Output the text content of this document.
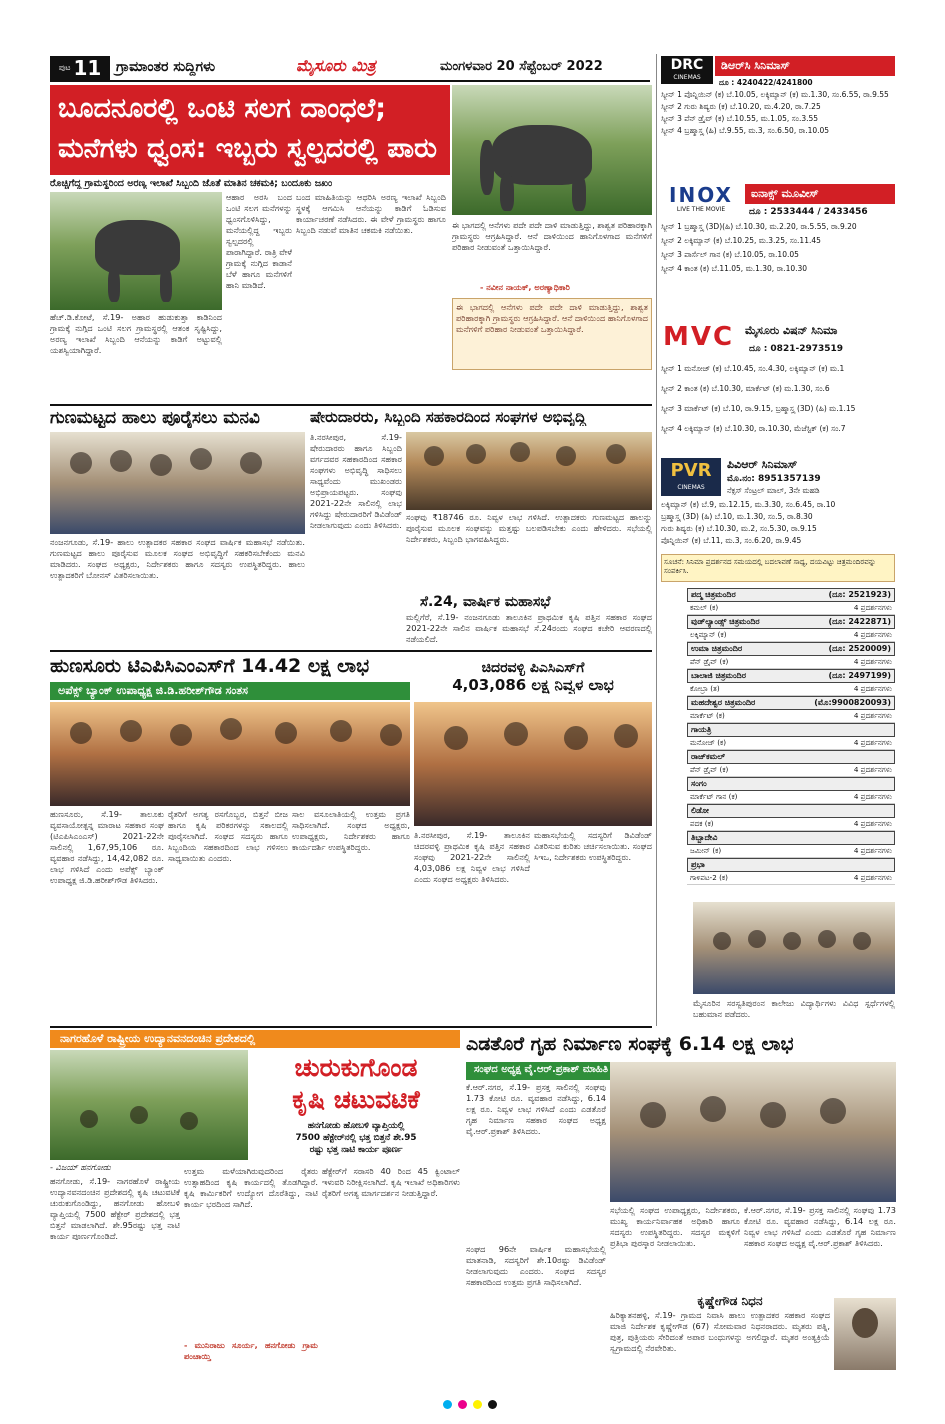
ಪುಟ 11 ಗ್ರಾಮಾಂತರ ಸುದ್ದಿಗಳು	ಮೈಸೂರು ಮಿತ್ರ	ಮಂಗಳವಾರ 20 ಸೆಪ್ಟೆಂಬರ್ 2022
ಬೂದನೂರಲ್ಲಿ ಒಂಟಿ ಸಲಗ ದಾಂಧಲೆ;
ಮನೆಗಳು ಧ್ವಂಸ: ಇಬ್ಬರು ಸ್ವಲ್ಪದರಲ್ಲಿ ಪಾರು
ರೊಚ್ಚಿಗೆದ್ದ ಗ್ರಾಮಸ್ಥರಿಂದ ಅರಣ್ಯ ಇಲಾಖೆ ಸಿಬ್ಬಂದಿ ಜೊತೆ ಮಾತಿನ ಚಕಮಕಿ; ಬಂದೂಕು ಜಖಂ
ಹೆಚ್.ಡಿ.ಕೋಟೆ, ಸೆ.19- ಅಹಾರ ಹುಡುಕುತ್ತಾ ಕಾಡಿನಿಂದ ಗ್ರಾಮಕ್ಕೆ ನುಗ್ಗಿದ ಒಂಟಿ ಸಲಗ ಗ್ರಾಮಸ್ಥರಲ್ಲಿ ಆತಂಕ ಸೃಷ್ಟಿಸಿದ್ದು, ಅರಣ್ಯ ಇಲಾಖೆ ಸಿಬ್ಬಂದಿ ಆನೆಯನ್ನು ಕಾಡಿಗೆ ಅಟ್ಟುವಲ್ಲಿ ಯಶಸ್ವಿಯಾಗಿದ್ದಾರೆ.
ಆಹಾರ ಅರಸಿ ಬಂದ ಒಂಟಿ ಸಲಗ ಮನೆಗಳನ್ನು ಧ್ವಂಸಗೊಳಿಸಿದ್ದು, ಮನೆಯಲ್ಲಿದ್ದ ಇಬ್ಬರು ಸ್ವಲ್ಪದರಲ್ಲಿ ಪಾರಾಗಿದ್ದಾರೆ. ರಾತ್ರಿ ವೇಳೆ ಗ್ರಾಮಕ್ಕೆ ನುಗ್ಗಿದ ಕಾಡಾನೆ ಬೆಳೆ ಹಾಗೂ ಮನೆಗಳಿಗೆ ಹಾನಿ ಮಾಡಿದೆ.
ಬಂದ ಮಾಹಿತಿಯನ್ನು ಆಧರಿಸಿ ಅರಣ್ಯ ಇಲಾಖೆ ಸಿಬ್ಬಂದಿ ಸ್ಥಳಕ್ಕೆ ಆಗಮಿಸಿ ಆನೆಯನ್ನು ಕಾಡಿಗೆ ಓಡಿಸುವ ಕಾರ್ಯಾಚರಣೆ ನಡೆಸಿದರು. ಈ ವೇಳೆ ಗ್ರಾಮಸ್ಥರು ಹಾಗೂ ಸಿಬ್ಬಂದಿ ನಡುವೆ ಮಾತಿನ ಚಕಮಕಿ ನಡೆಯಿತು.	ಈ ಭಾಗದಲ್ಲಿ ಆನೆಗಳು ಪದೇ ಪದೇ ದಾಳಿ ಮಾಡುತ್ತಿದ್ದು, ಶಾಶ್ವತ ಪರಿಹಾರಕ್ಕಾಗಿ ಗ್ರಾಮಸ್ಥರು ಆಗ್ರಹಿಸಿದ್ದಾರೆ. ಆನೆ ದಾಳಿಯಿಂದ ಹಾನಿಗೊಳಗಾದ ಮನೆಗಳಿಗೆ ಪರಿಹಾರ ನೀಡುವಂತೆ ಒತ್ತಾಯಿಸಿದ್ದಾರೆ.
- ನವೀನ ನಾಯಕ್, ಅರಣ್ಯಾಧಿಕಾರಿ
ಈ ಭಾಗದಲ್ಲಿ ಆನೆಗಳು ಪದೇ ಪದೇ ದಾಳಿ ಮಾಡುತ್ತಿದ್ದು, ಶಾಶ್ವತ ಪರಿಹಾರಕ್ಕಾಗಿ ಗ್ರಾಮಸ್ಥರು ಆಗ್ರಹಿಸಿದ್ದಾರೆ. ಆನೆ ದಾಳಿಯಿಂದ ಹಾನಿಗೊಳಗಾದ ಮನೆಗಳಿಗೆ ಪರಿಹಾರ ನೀಡುವಂತೆ ಒತ್ತಾಯಿಸಿದ್ದಾರೆ.
ಗುಣಮಟ್ಟದ ಹಾಲು ಪೂರೈಸಲು ಮನವಿ
ನಂಜನಗೂಡು, ಸೆ.19- ಹಾಲು ಉತ್ಪಾದಕರ ಸಹಕಾರ ಸಂಘದ ವಾರ್ಷಿಕ ಮಹಾಸಭೆ ನಡೆಯಿತು. ಗುಣಮಟ್ಟದ ಹಾಲು ಪೂರೈಸುವ ಮೂಲಕ ಸಂಘದ ಅಭಿವೃದ್ಧಿಗೆ ಸಹಕರಿಸಬೇಕೆಂದು ಮನವಿ ಮಾಡಿದರು. ಸಂಘದ ಅಧ್ಯಕ್ಷರು, ನಿರ್ದೇಶಕರು ಹಾಗೂ ಸದಸ್ಯರು ಉಪಸ್ಥಿತರಿದ್ದರು. ಹಾಲು ಉತ್ಪಾದಕರಿಗೆ ಬೋನಸ್ ವಿತರಿಸಲಾಯಿತು.
ಷೇರುದಾರರು, ಸಿಬ್ಬಂದಿ ಸಹಕಾರದಿಂದ ಸಂಘಗಳ ಅಭಿವೃದ್ಧಿ
ತಿ.ನರಸೀಪುರ, ಸೆ.19- ಷೇರುದಾರರು ಹಾಗೂ ಸಿಬ್ಬಂದಿ ವರ್ಗದವರ ಸಹಕಾರದಿಂದ ಸಹಕಾರ ಸಂಘಗಳು ಅಭಿವೃದ್ಧಿ ಸಾಧಿಸಲು ಸಾಧ್ಯವೆಂದು ಮುಖಂಡರು ಅಭಿಪ್ರಾಯಪಟ್ಟರು. ಸಂಘವು 2021-22ನೇ ಸಾಲಿನಲ್ಲಿ ಲಾಭ ಗಳಿಸಿದ್ದು ಷೇರುದಾರರಿಗೆ ಡಿವಿಡೆಂಡ್ ನೀಡಲಾಗುವುದು ಎಂದು ತಿಳಿಸಿದರು.
ಸಂಘವು ₹18746 ರೂ. ನಿವ್ವಳ ಲಾಭ ಗಳಿಸಿದೆ. ಉತ್ಪಾದಕರು ಗುಣಮಟ್ಟದ ಹಾಲನ್ನು ಪೂರೈಸುವ ಮೂಲಕ ಸಂಘವನ್ನು ಮತ್ತಷ್ಟು ಬಲಪಡಿಸಬೇಕು ಎಂದು ಹೇಳಿದರು. ಸಭೆಯಲ್ಲಿ ನಿರ್ದೇಶಕರು, ಸಿಬ್ಬಂದಿ ಭಾಗವಹಿಸಿದ್ದರು.
ಸೆ.24, ವಾರ್ಷಿಕ ಮಹಾಸಭೆ
ಮಲ್ಲಿಗೆರೆ, ಸೆ.19- ನಂಜನಗೂಡು ತಾಲೂಕಿನ ಪ್ರಾಥಮಿಕ ಕೃಷಿ ಪತ್ತಿನ ಸಹಕಾರ ಸಂಘದ 2021-22ನೇ ಸಾಲಿನ ವಾರ್ಷಿಕ ಮಹಾಸಭೆ ಸೆ.24ರಂದು ಸಂಘದ ಕಚೇರಿ ಆವರಣದಲ್ಲಿ ನಡೆಯಲಿದೆ.
ಹುಣಸೂರು ಟಿಎಪಿಸಿಎಂಎಸ್‌ಗೆ 14.42 ಲಕ್ಷ ಲಾಭ
ಅಪೆಕ್ಸ್ ಬ್ಯಾಂಕ್ ಉಪಾಧ್ಯಕ್ಷ ಜಿ.ಡಿ.ಹರೀಶ್‌ಗೌಡ ಸಂತಸ
ಹುಣಸೂರು, ಸೆ.19- ತಾಲೂಕು ವ್ಯವಸಾಯೋತ್ಪನ್ನ ಮಾರಾಟ ಸಹಕಾರ ಸಂಘ (ಟಿಎಪಿಸಿಎಂಎಸ್) 2021-22ನೇ ಸಾಲಿನಲ್ಲಿ 1,67,95,106 ರೂ. ವ್ಯವಹಾರ ನಡೆಸಿದ್ದು, 14,42,082 ರೂ. ಲಾಭ ಗಳಿಸಿದೆ ಎಂದು ಅಪೆಕ್ಸ್ ಬ್ಯಾಂಕ್ ಉಪಾಧ್ಯಕ್ಷ ಜಿ.ಡಿ.ಹರೀಶ್‌ಗೌಡ ತಿಳಿಸಿದರು.
ರೈತರಿಗೆ ಅಗತ್ಯ ರಸಗೊಬ್ಬರ, ಬಿತ್ತನೆ ಬೀಜ ಹಾಗೂ ಕೃಷಿ ಪರಿಕರಗಳನ್ನು ಸಕಾಲದಲ್ಲಿ ಪೂರೈಸಲಾಗಿದೆ. ಸಂಘದ ಸದಸ್ಯರು ಹಾಗೂ ಸಿಬ್ಬಂದಿಯ ಸಹಕಾರದಿಂದ ಲಾಭ ಗಳಿಸಲು ಸಾಧ್ಯವಾಯಿತು ಎಂದರು.
ಸಾಲ ವಸೂಲಾತಿಯಲ್ಲಿ ಉತ್ತಮ ಪ್ರಗತಿ ಸಾಧಿಸಲಾಗಿದೆ. ಸಂಘದ ಅಧ್ಯಕ್ಷರು, ಉಪಾಧ್ಯಕ್ಷರು, ನಿರ್ದೇಶಕರು ಹಾಗೂ ಕಾರ್ಯದರ್ಶಿ ಉಪಸ್ಥಿತರಿದ್ದರು.
ಚಿದರವಳ್ಳಿ ಪಿಎಸಿಎಸ್‌ಗೆ
4,03,086 ಲಕ್ಷ ನಿವ್ವಳ ಲಾಭ
ತಿ.ನರಸೀಪುರ, ಸೆ.19- ತಾಲೂಕಿನ ಚಿದರವಳ್ಳಿ ಪ್ರಾಥಮಿಕ ಕೃಷಿ ಪತ್ತಿನ ಸಹಕಾರ ಸಂಘವು 2021-22ನೇ ಸಾಲಿನಲ್ಲಿ 4,03,086 ಲಕ್ಷ ನಿವ್ವಳ ಲಾಭ ಗಳಿಸಿದೆ ಎಂದು ಸಂಘದ ಅಧ್ಯಕ್ಷರು ತಿಳಿಸಿದರು.
ಮಹಾಸಭೆಯಲ್ಲಿ ಸದಸ್ಯರಿಗೆ ಡಿವಿಡೆಂಡ್ ವಿತರಿಸುವ ಕುರಿತು ಚರ್ಚಿಸಲಾಯಿತು. ಸಂಘದ ಸಿಇಒ, ನಿರ್ದೇಶಕರು ಉಪಸ್ಥಿತರಿದ್ದರು.
ನಾಗರಹೊಳೆ ರಾಷ್ಟ್ರೀಯ ಉದ್ಯಾನವನದಂಚಿನ ಪ್ರದೇಶದಲ್ಲಿ
ಚುರುಕುಗೊಂಡ
ಕೃಷಿ ಚಟುವಟಿಕೆ
ಹನಗೋಡು ಹೋಬಳಿ ವ್ಯಾಪ್ತಿಯಲ್ಲಿ
7500 ಹೆಕ್ಟೇರ್‌ನಲ್ಲಿ ಭತ್ತ ಬಿತ್ತನೆ ಶೇ.95
ರಷ್ಟು ಭತ್ತ ನಾಟಿ ಕಾರ್ಯ ಪೂರ್ಣ
- ವಿಜಯ್ ಹನಗೋಡು
ಹನಗೋಡು, ಸೆ.19- ನಾಗರಹೊಳೆ ರಾಷ್ಟ್ರೀಯ ಉದ್ಯಾನವನದಂಚಿನ ಪ್ರದೇಶದಲ್ಲಿ ಕೃಷಿ ಚಟುವಟಿಕೆ ಚುರುಕುಗೊಂಡಿದ್ದು, ಹನಗೋಡು ಹೋಬಳಿ ವ್ಯಾಪ್ತಿಯಲ್ಲಿ 7500 ಹೆಕ್ಟೇರ್ ಪ್ರದೇಶದಲ್ಲಿ ಭತ್ತ ಬಿತ್ತನೆ ಮಾಡಲಾಗಿದೆ. ಶೇ.95ರಷ್ಟು ಭತ್ತ ನಾಟಿ ಕಾರ್ಯ ಪೂರ್ಣಗೊಂಡಿದೆ.
ಉತ್ತಮ ಮಳೆಯಾಗಿರುವುದರಿಂದ ರೈತರು ಉತ್ಸಾಹದಿಂದ ಕೃಷಿ ಕಾರ್ಯದಲ್ಲಿ ತೊಡಗಿದ್ದಾರೆ. ಕೃಷಿ ಕಾರ್ಮಿಕರಿಗೆ ಉದ್ಯೋಗ ದೊರೆತಿದ್ದು, ನಾಟಿ ಕಾರ್ಯ ಭರದಿಂದ ಸಾಗಿದೆ.
ಹೆಕ್ಟೇರ್‌ಗೆ ಸರಾಸರಿ 40 ರಿಂದ 45 ಕ್ವಿಂಟಾಲ್ ಇಳುವರಿ ನಿರೀಕ್ಷಿಸಲಾಗಿದೆ. ಕೃಷಿ ಇಲಾಖೆ ಅಧಿಕಾರಿಗಳು ರೈತರಿಗೆ ಅಗತ್ಯ ಮಾರ್ಗದರ್ಶನ ನೀಡುತ್ತಿದ್ದಾರೆ.
- ಮುನಿರಾಜು ಸೂರ್ಯ, ಹನಗೋಡು ಗ್ರಾಮ ಪಂಚಾಯ್ತಿ
ಎಡತೊರೆ ಗೃಹ ನಿರ್ಮಾಣ ಸಂಘಕ್ಕೆ 6.14 ಲಕ್ಷ ಲಾಭ
ಸಂಘದ ಅಧ್ಯಕ್ಷ ವೈ.ಆರ್.ಪ್ರಕಾಶ್ ಮಾಹಿತಿ
ಕೆ.ಆರ್.ನಗರ, ಸೆ.19- ಪ್ರಸಕ್ತ ಸಾಲಿನಲ್ಲಿ ಸಂಘವು 1.73 ಕೋಟಿ ರೂ. ವ್ಯವಹಾರ ನಡೆಸಿದ್ದು, 6.14 ಲಕ್ಷ ರೂ. ನಿವ್ವಳ ಲಾಭ ಗಳಿಸಿದೆ ಎಂದು ಎಡತೊರೆ ಗೃಹ ನಿರ್ಮಾಣ ಸಹಕಾರ ಸಂಘದ ಅಧ್ಯಕ್ಷ ವೈ.ಆರ್.ಪ್ರಕಾಶ್ ತಿಳಿಸಿದರು.
ಸಂಘದ 96ನೇ ವಾರ್ಷಿಕ ಮಹಾಸಭೆಯಲ್ಲಿ ಮಾತನಾಡಿ, ಸದಸ್ಯರಿಗೆ ಶೇ.10ರಷ್ಟು ಡಿವಿಡೆಂಡ್ ನೀಡಲಾಗುವುದು ಎಂದರು. ಸಂಘದ ಸದಸ್ಯರ ಸಹಕಾರದಿಂದ ಉತ್ತಮ ಪ್ರಗತಿ ಸಾಧಿಸಲಾಗಿದೆ.
ಸಭೆಯಲ್ಲಿ ಸಂಘದ ಉಪಾಧ್ಯಕ್ಷರು, ನಿರ್ದೇಶಕರು, ಮುಖ್ಯ ಕಾರ್ಯನಿರ್ವಾಹಕ ಅಧಿಕಾರಿ ಹಾಗೂ ಸದಸ್ಯರು ಉಪಸ್ಥಿತರಿದ್ದರು. ಸದಸ್ಯರ ಮಕ್ಕಳಿಗೆ ಪ್ರತಿಭಾ ಪುರಸ್ಕಾರ ನೀಡಲಾಯಿತು.
ಕೆ.ಆರ್.ನಗರ, ಸೆ.19- ಪ್ರಸಕ್ತ ಸಾಲಿನಲ್ಲಿ ಸಂಘವು 1.73 ಕೋಟಿ ರೂ. ವ್ಯವಹಾರ ನಡೆಸಿದ್ದು, 6.14 ಲಕ್ಷ ರೂ. ನಿವ್ವಳ ಲಾಭ ಗಳಿಸಿದೆ ಎಂದು ಎಡತೊರೆ ಗೃಹ ನಿರ್ಮಾಣ ಸಹಕಾರ ಸಂಘದ ಅಧ್ಯಕ್ಷ ವೈ.ಆರ್.ಪ್ರಕಾಶ್ ತಿಳಿಸಿದರು.
ಕೃಷ್ಣೇಗೌಡ ನಿಧನ
ಹಿರಿಕ್ಯಾತನಹಳ್ಳಿ, ಸೆ.19- ಗ್ರಾಮದ ನಿವಾಸಿ ಹಾಲು ಉತ್ಪಾದಕರ ಸಹಕಾರ ಸಂಘದ ಮಾಜಿ ನಿರ್ದೇಶಕ ಕೃಷ್ಣೇಗೌಡ (67) ಸೋಮವಾರ ನಿಧನರಾದರು. ಮೃತರು ಪತ್ನಿ, ಪುತ್ರ, ಪುತ್ರಿಯರು ಸೇರಿದಂತೆ ಅಪಾರ ಬಂಧುಗಳನ್ನು ಅಗಲಿದ್ದಾರೆ. ಮೃತರ ಅಂತ್ಯಕ್ರಿಯೆ ಸ್ವಗ್ರಾಮದಲ್ಲಿ ನೆರವೇರಿತು.
DRC
CINEMAS
ಡಿಆರ್‌ಸಿ ಸಿನಿಮಾಸ್
ದೂ : 4240422/4241800
ಸ್ಕ್ರೀನ್ 1 ಪೊನ್ನಿಯಿನ್ (ಕ) ಬೆ.10.05, ಲಕ್ಕಿಮ್ಯಾನ್ (ಕ) ಮ.1.30, ಸಂ.6.55, ರಾ.9.55
ಸ್ಕ್ರೀನ್ 2 ಗುರು ಶಿಷ್ಯರು (ಕ) ಬೆ.10.20, ಮ.4.20, ರಾ.7.25
ಸ್ಕ್ರೀನ್ 3 ಪೆನ್ ಡ್ರೈವ್ (ಕ) ಬೆ.10.55, ಮ.1.05, ಸಂ.3.55
ಸ್ಕ್ರೀನ್ 4 ಬ್ರಹ್ಮಾಸ್ತ್ರ (ಹಿ) ಬೆ.9.55, ಮ.3, ಸಂ.6.50, ರಾ.10.05
INOX
LIVE THE MOVIE
ಐನಾಕ್ಸ್ ಮೂವೀಸ್
ದೂ : 2533444 / 2433456
ಸ್ಕ್ರೀನ್ 1 ಬ್ರಹ್ಮಾಸ್ತ್ರ (3D)(ಹಿ) ಬೆ.10.30, ಮ.2.20, ರಾ.5.55, ರಾ.9.20
ಸ್ಕ್ರೀನ್ 2 ಲಕ್ಕಿಮ್ಯಾನ್ (ಕ) ಬೆ.10.25, ಮ.3.25, ಸಂ.11.45
ಸ್ಕ್ರೀನ್ 3 ಪಾರ್ಸೆಲ್ ಗಾನ (ಕ) ಬೆ.10.05, ರಾ.10.05
ಸ್ಕ್ರೀನ್ 4 ಕಾಂತ (ಕ) ಬೆ.11.05, ಮ.1.30, ರಾ.10.30
MVC ಮೈಸೂರು ವಿಷನ್ ಸಿನಿಮಾ
ದೂ : 0821-2973519
ಸ್ಕ್ರೀನ್ 1 ಮನೋಜ್ (ಕ) ಬೆ.10.45, ಸಂ.4.30, ಲಕ್ಕಿಮ್ಯಾನ್ (ಕ) ಮ.1
ಸ್ಕ್ರೀನ್ 2 ಕಾಂತ (ಕ) ಬೆ.10.30, ಮಾರ್ಕೆಟ್ (ಕ) ಮ.1.30, ಸಂ.6
ಸ್ಕ್ರೀನ್ 3 ಮಾರ್ಕೆಟ್ (ಕ) ಬೆ.10, ರಾ.9.15, ಬ್ರಹ್ಮಾಸ್ತ್ರ (3D) (ಹಿ) ಮ.1.15
ಸ್ಕ್ರೀನ್ 4 ಲಕ್ಕಿಮ್ಯಾನ್ (ಕ) ಬೆ.10.30, ರಾ.10.30, ಮೆಜೆಸ್ಟಿಕ್ (ಕ) ಸಂ.7
PVR
CINEMAS
ಪಿವಿಆರ್ ಸಿನಿಮಾಸ್
ಮೊ.ನಂ: 8951357139
ನೆಕ್ಸಸ್ ಸೆಂಟ್ರಲ್ ಮಾಲ್, 3ನೇ ಮಹಡಿ
ಲಕ್ಕಿಮ್ಯಾನ್ (ಕ) ಬೆ.9, ಮ.12.15, ಮ.3.30, ಸಂ.6.45, ರಾ.10
ಬ್ರಹ್ಮಾಸ್ತ್ರ (3D) (ಹಿ) ಬೆ.10, ಮ.1.30, ಸಂ.5, ರಾ.8.30
ಗುರು ಶಿಷ್ಯರು (ಕ) ಬೆ.10.30, ಮ.2, ಸಂ.5.30, ರಾ.9.15
ಪೊನ್ನಿಯಿನ್ (ಕ) ಬೆ.11, ಮ.3, ಸಂ.6.20, ರಾ.9.45
ಸೂಚನೆ: ಸಿನಿಮಾ ಪ್ರದರ್ಶನದ ಸಮಯದಲ್ಲಿ ಬದಲಾವಣೆ ಸಾಧ್ಯ, ದಯವಿಟ್ಟು ಚಿತ್ರಮಂದಿರವನ್ನು ಸಂಪರ್ಕಿಸಿ.
ಪದ್ಮ ಚಿತ್ರಮಂದಿರ	(ದೂ: 2521923)
ಕಮಲ್ (ಕ)	4 ಪ್ರದರ್ಶನಗಳು
ವುಡ್‌ಲ್ಯಾಂಡ್ಸ್ ಚಿತ್ರಮಂದಿರ	(ದೂ: 2422871)
ಲಕ್ಕಿಮ್ಯಾನ್ (ಕ)	4 ಪ್ರದರ್ಶನಗಳು
ಉಮಾ ಚಿತ್ರಮಂದಿರ	(ದೂ: 2520009)
ಪೆನ್ ಡ್ರೈವ್ (ಕ)	4 ಪ್ರದರ್ಶನಗಳು
ಬಾಲಾಜಿ ಚಿತ್ರಮಂದಿರ	(ದೂ: 2497199)
ಕೋಬ್ರಾ (ತ)	4 ಪ್ರದರ್ಶನಗಳು
ಮಹದೇಶ್ವರ ಚಿತ್ರಮಂದಿರ	(ಮೊ:9900820093)
ಮಾರ್ಕೆಟ್ (ಕ)	4 ಪ್ರದರ್ಶನಗಳು
ಗಾಯತ್ರಿ
ಮನೋಜ್ (ಕ)	4 ಪ್ರದರ್ಶನಗಳು
ರಾಜ್‌ಕಮಲ್
ಪೆನ್ ಡ್ರೈವ್ (ಕ)	4 ಪ್ರದರ್ಶನಗಳು
ಸಂಗಂ
ಮಾರ್ಕೆಟ್ ಗಾನ (ಕ)	4 ಪ್ರದರ್ಶನಗಳು
ಲಿಡೋ
ಪದಕ (ಕ)	4 ಪ್ರದರ್ಶನಗಳು
ತಿಬ್ಬಾದೇವಿ
ಜಮೀನ್ (ಕ)	4 ಪ್ರದರ್ಶನಗಳು
ಪ್ರಭಾ
ಗಾಳಿಪಟ-2 (ಕ)	4 ಪ್ರದರ್ಶನಗಳು
ಮೈಸೂರಿನ ಸರಸ್ವತಿಪುರಂನ ಕಾಲೇಜು ವಿದ್ಯಾರ್ಥಿಗಳು ವಿವಿಧ ಸ್ಪರ್ಧೆಗಳಲ್ಲಿ ಬಹುಮಾನ ಪಡೆದರು.
